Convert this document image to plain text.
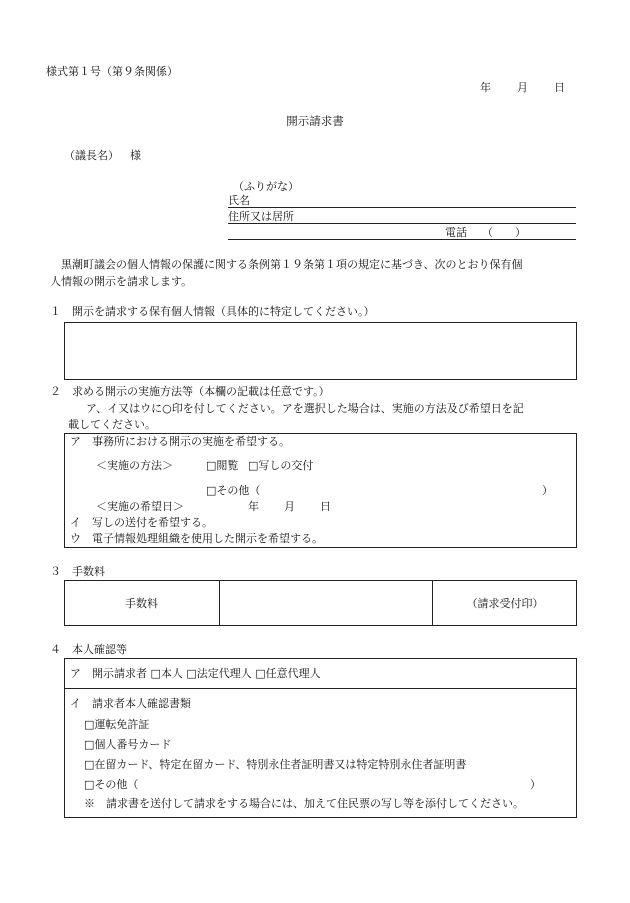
様式第１号（第９条関係）
年 月 日
開示請求書
（議長名） 様
（ふりがな）
氏名
住所又は居所
電話 （　　）
　黒潮町議会の個人情報の保護に関する条例第１９条第１項の規定に基づき、次のとおり保有個
人情報の開示を請求します。
１　開示を請求する保有個人情報（具体的に特定してください。）
２　求める開示の実施方法等（本欄の記載は任意です。）
ア、イ又はウに○印を付してください。アを選択した場合は、実施の方法及び希望日を記
載してください。
ア　事務所における開示の実施を希望する。
＜実施の方法＞	□閲覧 □写しの交付
□その他（	）
＜実施の希望日＞	年 月 日
イ　写しの送付を希望する。
ウ　電子情報処理組織を使用した開示を希望する。
３　手数料
手数料	（請求受付印）
４　本人確認等
ア　開示請求者 □本人 □法定代理人 □任意代理人
イ　請求者本人確認書類
□運転免許証
□個人番号カード
□在留カード、特定在留カード、特別永住者証明書又は特定特別永住者証明書
□その他（	）
※　請求書を送付して請求をする場合には、加えて住民票の写し等を添付してください。
